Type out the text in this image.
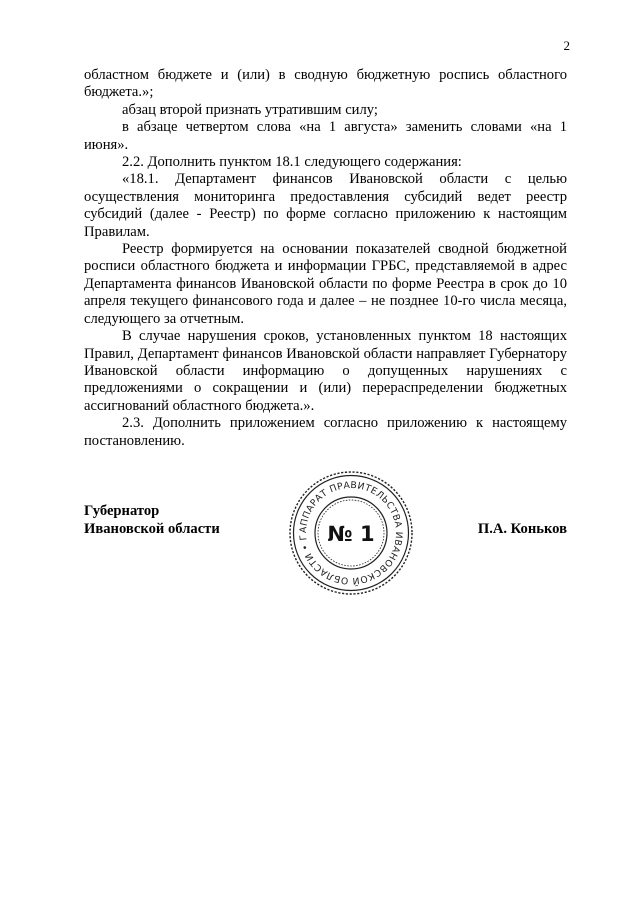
2

областном бюджете и (или) в сводную бюджетную роспись областного бюджета.»;

абзац второй признать утратившим силу;

в абзаце четвертом слова «на 1 августа» заменить словами «на 1 июня».

2.2. Дополнить пунктом 18.1 следующего содержания:

«18.1. Департамент финансов Ивановской области с целью осуществления мониторинга предоставления субсидий ведет реестр субсидий (далее - Реестр) по форме согласно приложению к настоящим Правилам.

Реестр формируется на основании показателей сводной бюджетной росписи областного бюджета и информации ГРБС, представляемой в адрес Департамента финансов Ивановской области по форме Реестра в срок до 10 апреля текущего финансового года и далее – не позднее 10-го числа месяца, следующего за отчетным.

В случае нарушения сроков, установленных пунктом 18 настоящих Правил, Департамент финансов Ивановской области направляет Губернатору Ивановской области информацию о допущенных нарушениях с предложениями о сокращении и (или) перераспределении бюджетных ассигнований областного бюджета.».

2.3. Дополнить приложением согласно приложению к настоящему постановлению.

Губернатор
Ивановской области	П.А. Коньков
АППАРАТ ПРАВИТЕЛЬСТВА ИВАНОВСКОЙ ОБЛАСТИ • Г № 1
